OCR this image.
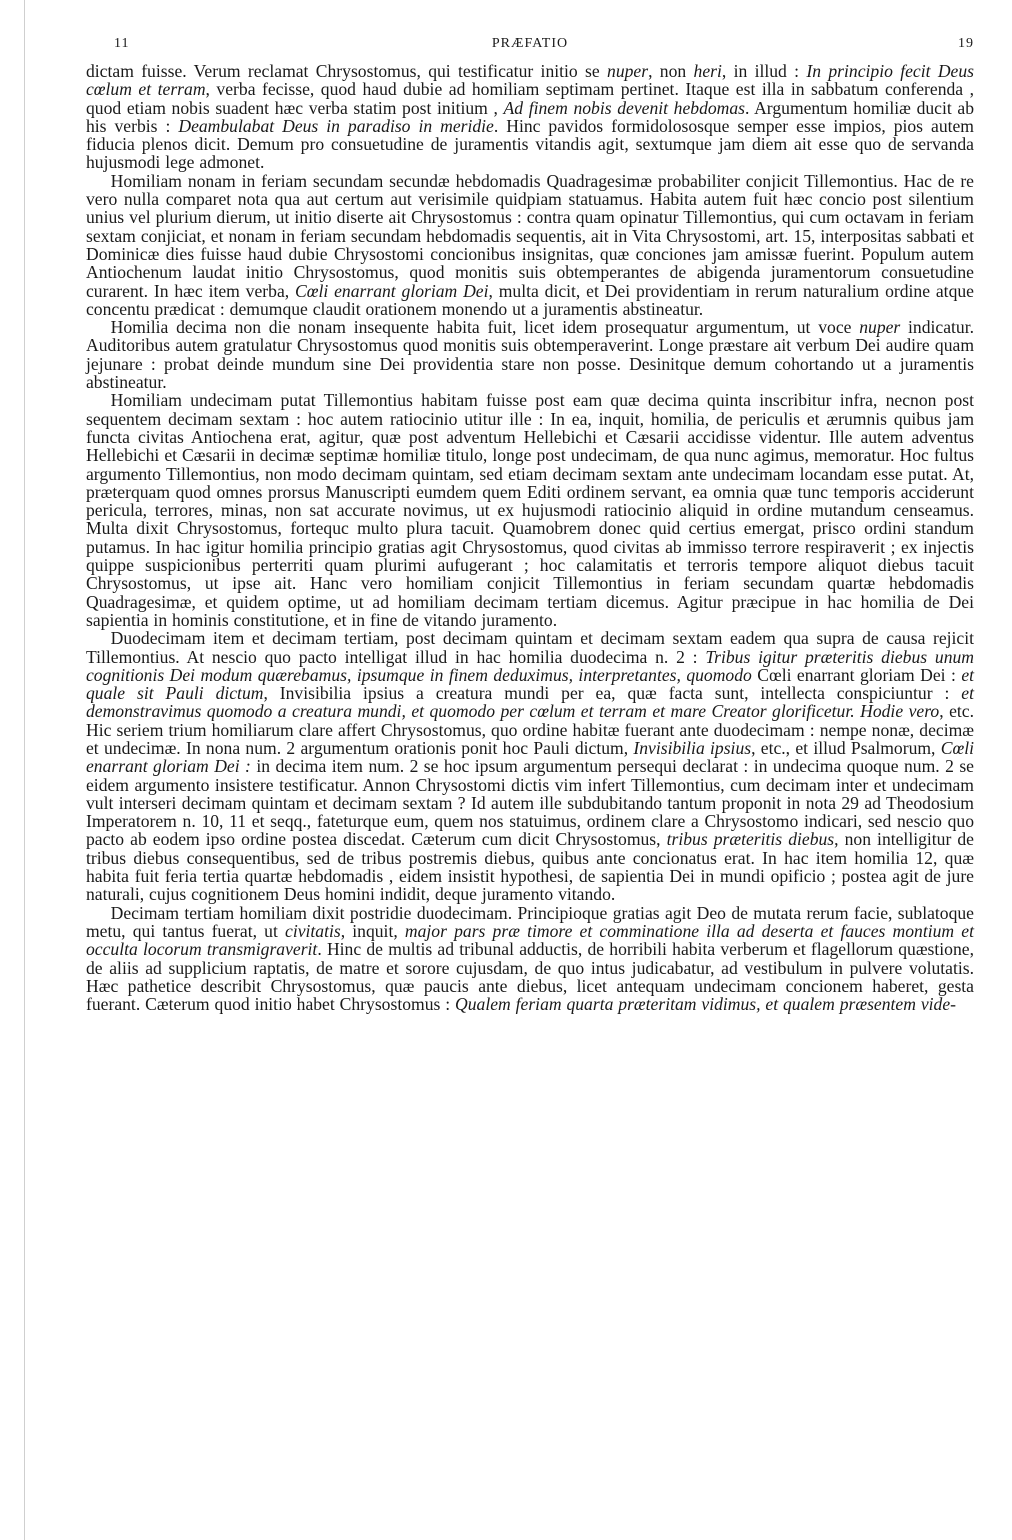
11	PRÆFATIO	19

dictam fuisse. Verum reclamat Chrysostomus, qui testificatur initio se nuper, non heri, in illud : In principio fecit Deus cœlum et terram, verba fecisse, quod haud dubie ad homiliam septimam pertinet. Itaque est illa in sabbatum conferenda , quod etiam nobis suadent hæc verba statim post initium , Ad finem nobis devenit hebdomas. Argumentum homiliæ ducit ab his verbis : Deambulabat Deus in paradiso in meridie. Hinc pavidos formidolososque semper esse impios, pios autem fiducia plenos dicit. Demum pro consuetudine de juramentis vitandis agit, sextumque jam diem ait esse quo de servanda hujusmodi lege admonet.

Homiliam nonam in feriam secundam secundæ hebdomadis Quadragesimæ probabiliter conjicit Tillemontius. Hac de re vero nulla comparet nota qua aut certum aut verisimile quidpiam statuamus. Habita autem fuit hæc concio post silentium unius vel plurium dierum, ut initio diserte ait Chrysostomus : contra quam opinatur Tillemontius, qui cum octavam in feriam sextam conjiciat, et nonam in feriam secundam hebdomadis sequentis, ait in Vita Chrysostomi, art. 15, interpositas sabbati et Dominicæ dies fuisse haud dubie Chrysostomi concionibus insignitas, quæ conciones jam amissæ fuerint. Populum autem Antiochenum laudat initio Chrysostomus, quod monitis suis obtemperantes de abigenda juramentorum consuetudine curarent. In hæc item verba, Cœli enarrant gloriam Dei, multa dicit, et Dei providentiam in rerum naturalium ordine atque concentu prædicat : demumque claudit orationem monendo ut a juramentis abstineatur.

Homilia decima non die nonam insequente habita fuit, licet idem prosequatur argumentum, ut voce nuper indicatur. Auditoribus autem gratulatur Chrysostomus quod monitis suis obtemperaverint. Longe præstare ait verbum Dei audire quam jejunare : probat deinde mundum sine Dei providentia stare non posse. Desinitque demum cohortando ut a juramentis abstineatur.

Homiliam undecimam putat Tillemontius habitam fuisse post eam quæ decima quinta inscribitur infra, necnon post sequentem decimam sextam : hoc autem ratiocinio utitur ille : In ea, inquit, homilia, de periculis et ærumnis quibus jam functa civitas Antiochena erat, agitur, quæ post adventum Hellebichi et Cæsarii accidisse videntur. Ille autem adventus Hellebichi et Cæsarii in decimæ septimæ homiliæ titulo, longe post undecimam, de qua nunc agimus, memoratur. Hoc fultus argumento Tillemontius, non modo decimam quintam, sed etiam decimam sextam ante undecimam locandam esse putat. At, præterquam quod omnes prorsus Manuscripti eumdem quem Editi ordinem servant, ea omnia quæ tunc temporis acciderunt pericula, terrores, minas, non sat accurate novimus, ut ex hujusmodi ratiocinio aliquid in ordine mutandum censeamus. Multa dixit Chrysostomus, fortequc multo plura tacuit. Quamobrem donec quid certius emergat, prisco ordini standum putamus. In hac igitur homilia principio gratias agit Chrysostomus, quod civitas ab immisso terrore respiraverit ; ex injectis quippe suspicionibus perterriti quam plurimi aufugerant ; hoc calamitatis et terroris tempore aliquot diebus tacuit Chrysostomus, ut ipse ait. Hanc vero homiliam conjicit Tillemontius in feriam secundam quartæ hebdomadis Quadragesimæ, et quidem optime, ut ad homiliam decimam tertiam dicemus. Agitur præcipue in hac homilia de Dei sapientia in hominis constitutione, et in fine de vitando juramento.

Duodecimam item et decimam tertiam, post decimam quintam et decimam sextam eadem qua supra de causa rejicit Tillemontius. At nescio quo pacto intelligat illud in hac homilia duodecima n. 2 : Tribus igitur præteritis diebus unum cognitionis Dei modum quærebamus, ipsumque in finem deduximus, interpretantes, quomodo Cœli enarrant gloriam Dei : et quale sit Pauli dictum, Invisibilia ipsius a creatura mundi per ea, quæ facta sunt, intellecta conspiciuntur : et demonstravimus quomodo a creatura mundi, et quomodo per cœlum et terram et mare Creator glorificetur. Hodie vero, etc. Hic seriem trium homiliarum clare affert Chrysostomus, quo ordine habitæ fuerant ante duodecimam : nempe nonæ, decimæ et undecimæ. In nona num. 2 argumentum orationis ponit hoc Pauli dictum, Invisibilia ipsius, etc., et illud Psalmorum, Cœli enarrant gloriam Dei : in decima item num. 2 se hoc ipsum argumentum persequi declarat : in undecima quoque num. 2 se eidem argumento insistere testificatur. Annon Chrysostomi dictis vim infert Tillemontius, cum decimam inter et undecimam vult interseri decimam quintam et decimam sextam ? Id autem ille subdubitando tantum proponit in nota 29 ad Theodosium Imperatorem n. 10, 11 et seqq., fateturque eum, quem nos statuimus, ordinem clare a Chrysostomo indicari, sed nescio quo pacto ab eodem ipso ordine postea discedat. Cæterum cum dicit Chrysostomus, tribus præteritis diebus, non intelligitur de tribus diebus consequentibus, sed de tribus postremis diebus, quibus ante concionatus erat. In hac item homilia 12, quæ habita fuit feria tertia quartæ hebdomadis , eidem insistit hypothesi, de sapientia Dei in mundi opificio ; postea agit de jure naturali, cujus cognitionem Deus homini indidit, deque juramento vitando.

Decimam tertiam homiliam dixit postridie duodecimam. Principioque gratias agit Deo de mutata rerum facie, sublatoque metu, qui tantus fuerat, ut civitatis, inquit, major pars præ timore et comminatione illa ad deserta et fauces montium et occulta locorum transmigraverit. Hinc de multis ad tribunal adductis, de horribili habita verberum et flagellorum quæstione, de aliis ad supplicium raptatis, de matre et sorore cujusdam, de quo intus judicabatur, ad vestibulum in pulvere volutatis. Hæc pathetice describit Chrysostomus, quæ paucis ante diebus, licet antequam undecimam concionem haberet, gesta fuerant. Cæterum quod initio habet Chrysostomus : Qualem feriam quarta præteritam vidimus, et qualem præsentem vide-
